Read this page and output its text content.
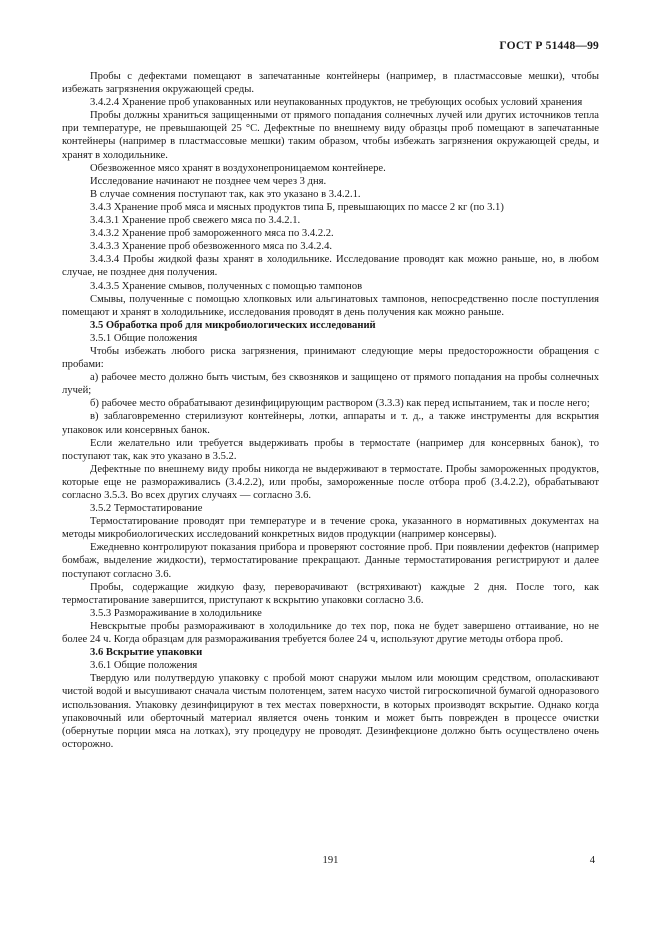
ГОСТ Р 51448—99

Пробы с дефектами помещают в запечатанные контейнеры (например, в пластмассовые мешки), чтобы избежать загрязнения окружающей среды.

3.4.2.4 Хранение проб упакованных или неупакованных продуктов, не требующих особых условий хранения

Пробы должны храниться защищенными от прямого попадания солнечных лучей или других источников тепла при температуре, не превышающей 25 °С. Дефектные по внешнему виду образцы проб помещают в запечатанные контейнеры (например в пластмассовые мешки) таким образом, чтобы избежать загрязнения окружающей среды, и хранят в холодильнике.

Обезвоженное мясо хранят в воздухонепроницаемом контейнере.

Исследование начинают не позднее чем через 3 дня.

В случае сомнения поступают так, как это указано в 3.4.2.1.

3.4.3 Хранение проб мяса и мясных продуктов типа Б, превышающих по массе 2 кг (по 3.1)

3.4.3.1 Хранение проб свежего мяса по 3.4.2.1.

3.4.3.2 Хранение проб замороженного мяса по 3.4.2.2.

3.4.3.3 Хранение проб обезвоженного мяса по 3.4.2.4.

3.4.3.4 Пробы жидкой фазы хранят в холодильнике. Исследование проводят как можно раньше, но, в любом случае, не позднее дня получения.

3.4.3.5 Хранение смывов, полученных с помощью тампонов

Смывы, полученные с помощью хлопковых или альгинатовых тампонов, непосредственно после поступления помещают и хранят в холодильнике, исследования проводят в день получения как можно раньше.

3.5 Обработка проб для микробиологических исследований

3.5.1 Общие положения

Чтобы избежать любого риска загрязнения, принимают следующие меры предосторожности обращения с пробами:

а) рабочее место должно быть чистым, без сквозняков и защищено от прямого попадания на пробы солнечных лучей;

б) рабочее место обрабатывают дезинфицирующим раствором (3.3.3) как перед испытанием, так и после него;

в) заблаговременно стерилизуют контейнеры, лотки, аппараты и т. д., а также инструменты для вскрытия упаковок или консервных банок.

Если желательно или требуется выдерживать пробы в термостате (например для консервных банок), то поступают так, как это указано в 3.5.2.

Дефектные по внешнему виду пробы никогда не выдерживают в термостате. Пробы замороженных продуктов, которые еще не размораживались (3.4.2.2), или пробы, замороженные после отбора проб (3.4.2.2), обрабатывают согласно 3.5.3. Во всех других случаях — согласно 3.6.

3.5.2 Термостатирование

Термостатирование проводят при температуре и в течение срока, указанного в нормативных документах на методы микробиологических исследований конкретных видов продукции (например консервы).

Ежедневно контролируют показания прибора и проверяют состояние проб. При появлении дефектов (например бомбаж, выделение жидкости), термостатирование прекращают. Данные термостатирования регистрируют и далее поступают согласно 3.6.

Пробы, содержащие жидкую фазу, переворачивают (встряхивают) каждые 2 дня. После того, как термостатирование завершится, приступают к вскрытию упаковки согласно 3.6.

3.5.3 Размораживание в холодильнике

Невскрытые пробы размораживают в холодильнике до тех пор, пока не будет завершено оттаивание, но не более 24 ч. Когда образцам для размораживания требуется более 24 ч, используют другие методы отбора проб.

3.6 Вскрытие упаковки

3.6.1 Общие положения

Твердую или полутвердую упаковку с пробой моют снаружи мылом или моющим средством, ополаскивают чистой водой и высушивают сначала чистым полотенцем, затем насухо чистой гигроскопичной бумагой одноразового использования. Упаковку дезинфицируют в тех местах поверхности, в которых производят вскрытие. Однако когда упаковочный или оберточный материал является очень тонким и может быть поврежден в процессе очистки (обернутые порции мяса на лотках), эту процедуру не проводят. Дезинфекционе должно быть осуществлено очень осторожно.

191	4
